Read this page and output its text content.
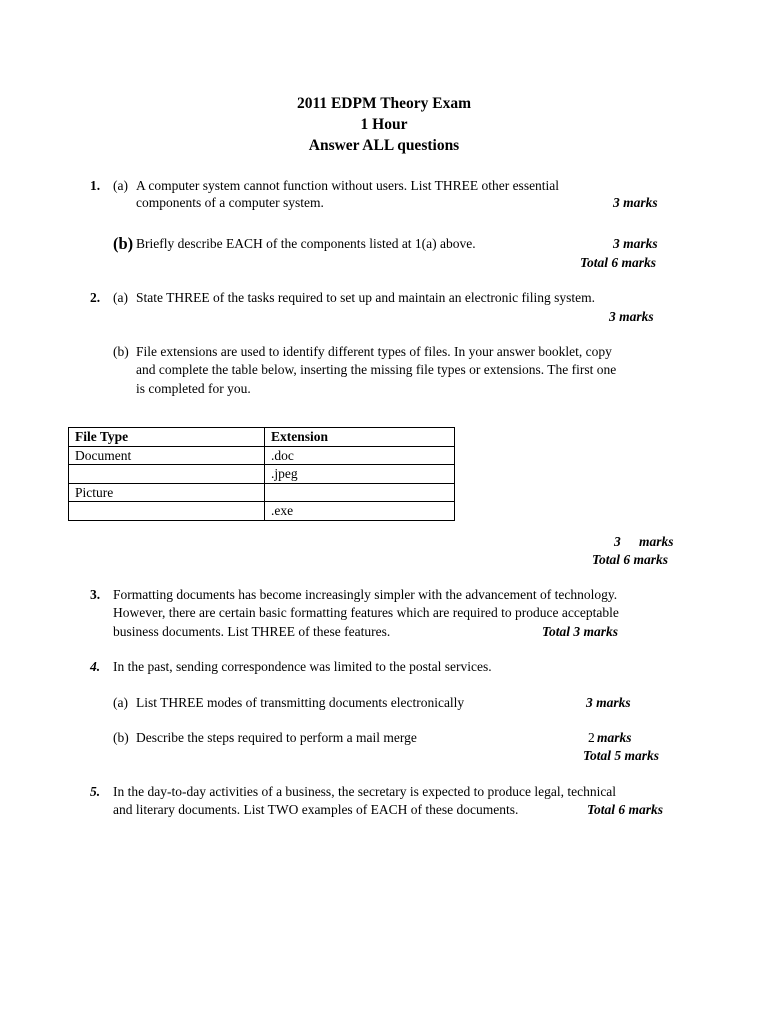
2011 EDPM Theory Exam
1 Hour
Answer ALL questions
1. (a) A computer system cannot function without users. List THREE other essential
components of a computer system.	3 marks
(b) Briefly describe EACH of the components listed at 1(a) above.	3 marks
Total 6 marks
2. (a) State THREE of the tasks required to set up and maintain an electronic filing system.
3 marks
(b) File extensions are used to identify different types of files. In your answer booklet, copy
and complete the table below, inserting the missing file types or extensions. The first one
is completed for you.
File Type	Extension
Document	.doc
	.jpeg
Picture	
	.exe
3 marks
Total 6 marks
3. Formatting documents has become increasingly simpler with the advancement of technology.
However, there are certain basic formatting features which are required to produce acceptable
business documents. List THREE of these features.	Total 3 marks
4. In the past, sending correspondence was limited to the postal services.
(a) List THREE modes of transmitting documents electronically	3 marks
(b) Describe the steps required to perform a mail merge	2 marks
Total 5 marks
5. In the day-to-day activities of a business, the secretary is expected to produce legal, technical
and literary documents. List TWO examples of EACH of these documents.	Total 6 marks
